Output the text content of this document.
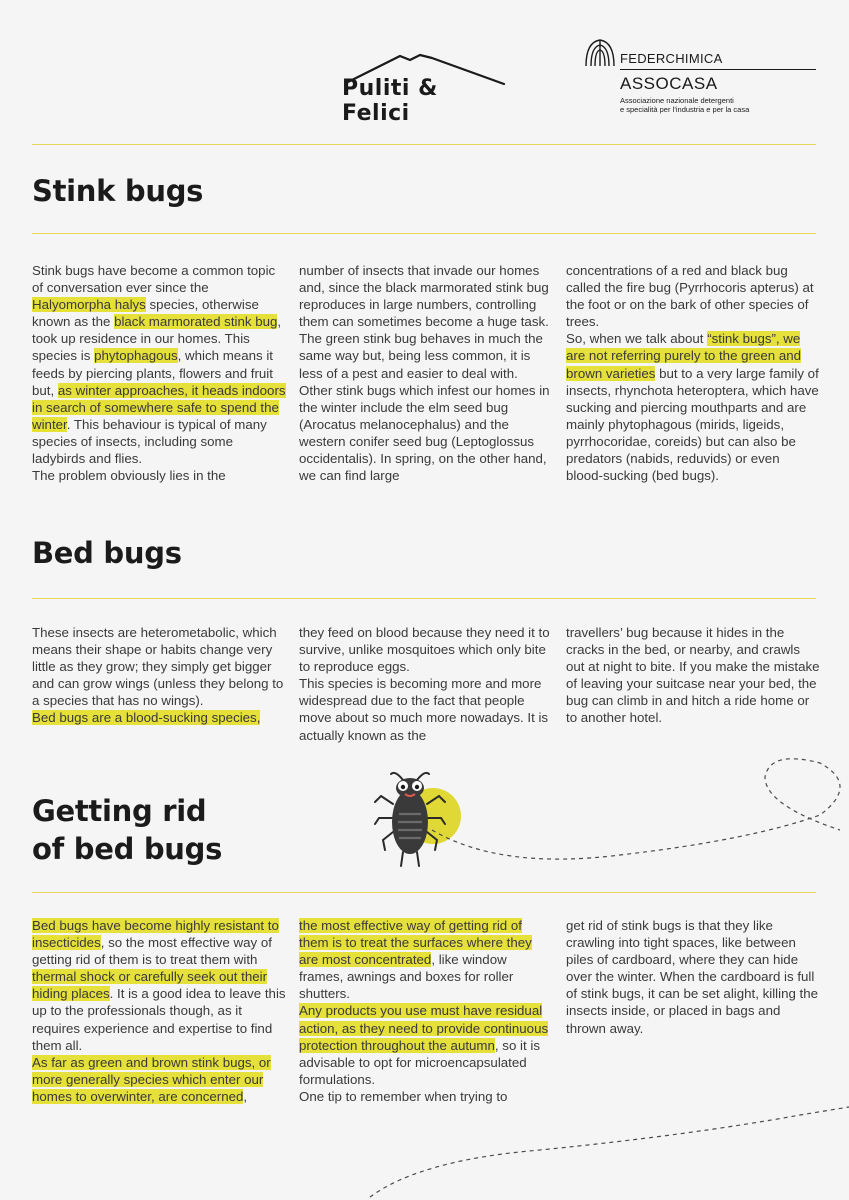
Puliti & Felici
FEDERCHIMICA
ASSOCASA
Associazione nazionale detergenti
e specialità per l’industria e per la casa
Stink bugs
Stink bugs have become a common topic of conversation ever since the Halyomorpha halys species, otherwise known as the black marmorated stink bug, took up residence in our homes. This species is phytophagous, which means it feeds by piercing plants, flowers and fruit but, as winter approaches, it heads indoors in search of somewhere safe to spend the winter. This behaviour is typical of many species of insects, including some ladybirds and flies.
The problem obviously lies in the
number of insects that invade our homes and, since the black marmorated stink bug reproduces in large numbers, controlling them can sometimes become a huge task.
The green stink bug behaves in much the same way but, being less common, it is less of a pest and easier to deal with. Other stink bugs which infest our homes in the winter include the elm seed bug (Arocatus melanocephalus) and the western conifer seed bug (Leptoglossus occidentalis). In spring, on the other hand, we can find large
concentrations of a red and black bug called the fire bug (Pyrrhocoris apterus) at the foot or on the bark of other species of trees.
So, when we talk about “stink bugs”, we are not referring purely to the green and brown varieties but to a very large family of insects, rhynchota heteroptera, which have sucking and piercing mouthparts and are mainly phytophagous (mirids, ligeids, pyrrhocoridae, coreids) but can also be predators (nabids, reduvids) or even blood-sucking (bed bugs).
Bed bugs
These insects are heterometabolic, which means their shape or habits change very little as they grow; they simply get bigger and can grow wings (unless they belong to a species that has no wings).
Bed bugs are a blood-sucking species,
they feed on blood because they need it to survive, unlike mosquitoes which only bite to reproduce eggs.
This species is becoming more and more widespread due to the fact that people move about so much more nowadays. It is actually known as the
travellers’ bug because it hides in the cracks in the bed, or nearby, and crawls out at night to bite. If you make the mistake of leaving your suitcase near your bed, the bug can climb in and hitch a ride home or to another hotel.
Getting rid
of bed bugs
Bed bugs have become highly resistant to insecticides, so the most effective way of getting rid of them is to treat them with thermal shock or carefully seek out their hiding places. It is a good idea to leave this up to the professionals though, as it requires experience and expertise to find them all.
As far as green and brown stink bugs, or more generally species which enter our homes to overwinter, are concerned,
the most effective way of getting rid of them is to treat the surfaces where they are most concentrated, like window frames, awnings and boxes for roller shutters.
Any products you use must have residual action, as they need to provide continuous protection throughout the autumn, so it is advisable to opt for microencapsulated formulations.
One tip to remember when trying to
get rid of stink bugs is that they like crawling into tight spaces, like between piles of cardboard, where they can hide over the winter. When the cardboard is full of stink bugs, it can be set alight, killing the insects inside, or placed in bags and thrown away.
